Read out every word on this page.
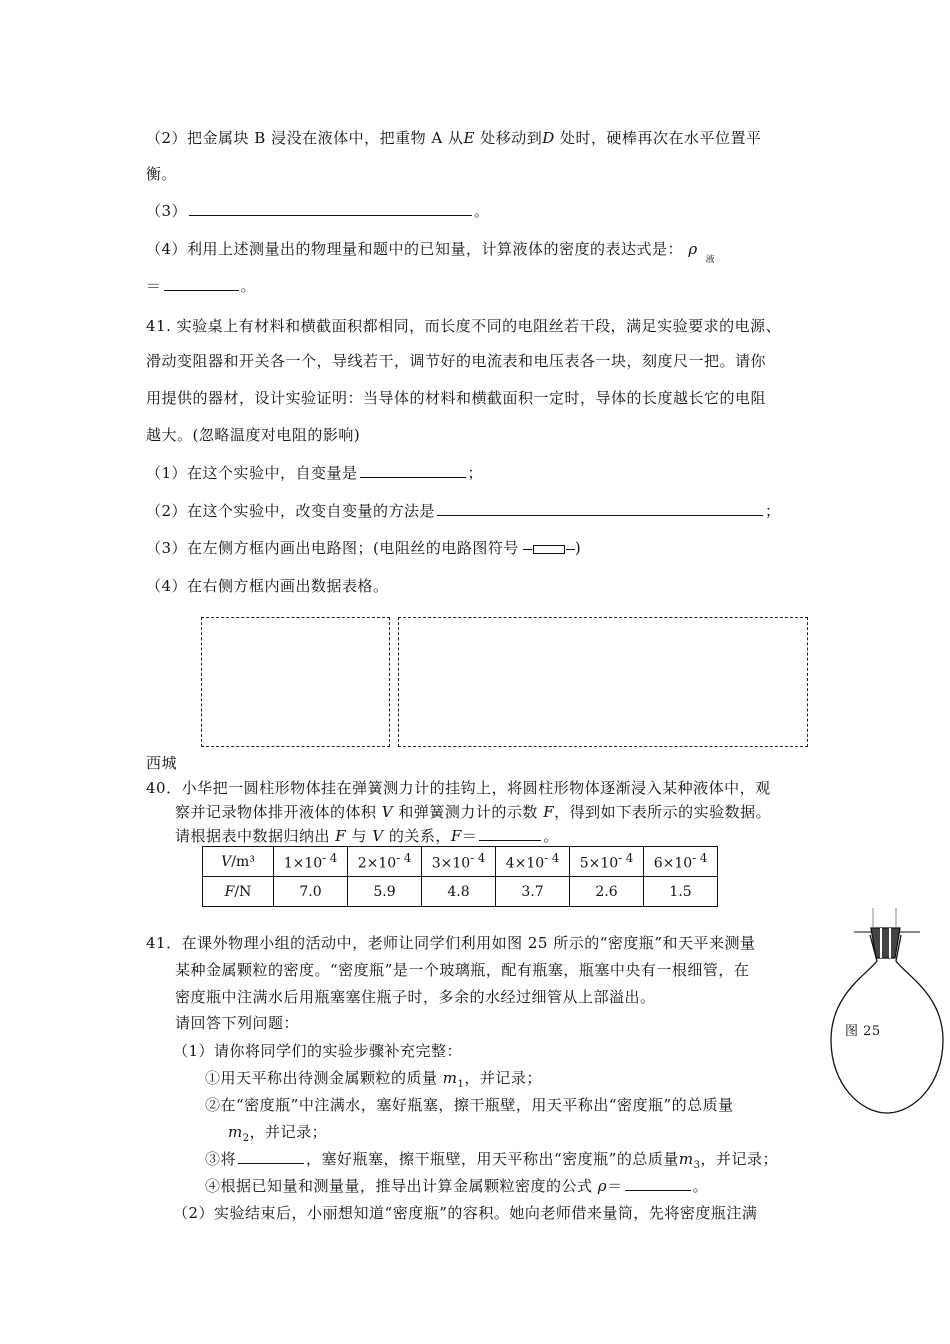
（2）把金属块 B 浸没在液体中，把重物 A 从E 处移动到D 处时，硬棒再次在水平位置平
衡。
（3）	。
（4）利用上述测量出的物理量和题中的已知量，计算液体的密度的表达式是： $\rho_液$
＝	。
41. 实验桌上有材料和横截面积都相同，而长度不同的电阻丝若干段，满足实验要求的电源、
滑动变阻器和开关各一个，导线若干，调节好的电流表和电压表各一块，刻度尺一把。请你
用提供的器材，设计实验证明：当导体的材料和横截面积一定时，导体的长度越长它的电阻
越大。(忽略温度对电阻的影响)
（1）在这个实验中，自变量是	；
（2）在这个实验中，改变自变量的方法是	；
（3）在左侧方框内画出电路图；(电阻丝的电路图符号	)
（4）在右侧方框内画出数据表格。
西城
40．小华把一圆柱形物体挂在弹簧测力计的挂钩上，将圆柱形物体逐渐浸入某种液体中，观
察并记录物体排开液体的体积 V 和弹簧测力计的示数 F，得到如下表所示的实验数据。
请根据表中数据归纳出 F 与 V 的关系，F＝	。
V/m³	$1\times 10^{- 4}$	$2\times 10^{- 4}$	$3\times 10^{- 4}$	$4\times 10^{- 4}$	$5\times 10^{- 4}$	$6\times 10^{- 4}$
F/N	7.0	5.9	4.8	3.7	2.6	1.5
41．在课外物理小组的活动中，老师让同学们利用如图 25 所示的“密度瓶”和天平来测量
某种金属颗粒的密度。“密度瓶”是一个玻璃瓶，配有瓶塞，瓶塞中央有一根细管，在
密度瓶中注满水后用瓶塞塞住瓶子时，多余的水经过细管从上部溢出。
请回答下列问题：
（1）请你将同学们的实验步骤补充完整：
①用天平称出待测金属颗粒的质量 $m_1$，并记录；
②在“密度瓶”中注满水，塞好瓶塞，擦干瓶壁，用天平称出“密度瓶”的总质量
$m_2$，并记录；
③将	，塞好瓶塞，擦干瓶壁，用天平称出“密度瓶”的总质量$m_3$，并记录；
④根据已知量和测量量，推导出计算金属颗粒密度的公式 ρ＝	。
（2）实验结束后，小丽想知道“密度瓶”的容积。她向老师借来量筒，先将密度瓶注满
图 25
